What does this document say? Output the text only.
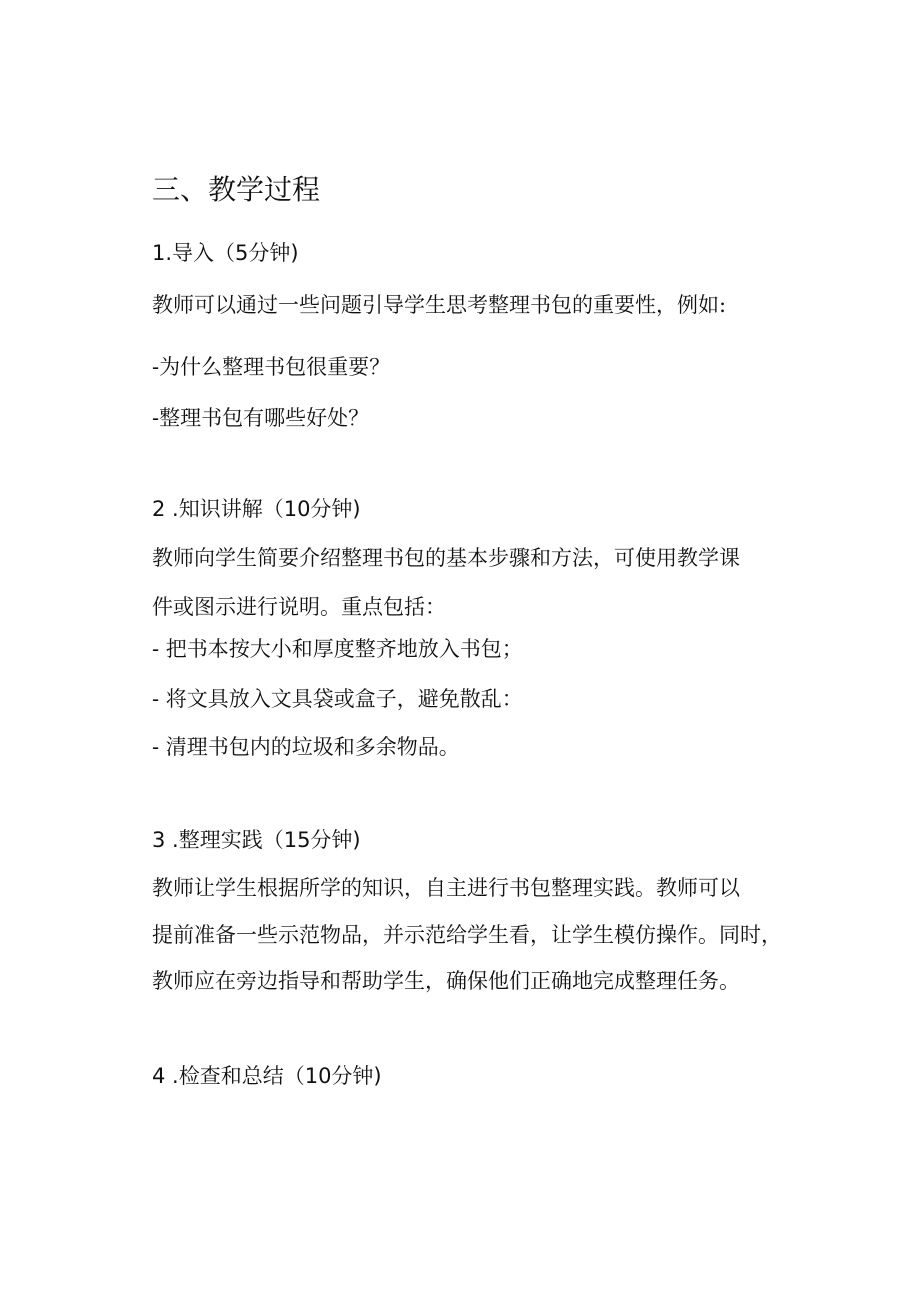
三、教学过程
1.导入（5分钟)
教师可以通过一些问题引导学生思考整理书包的重要性，例如:
-为什么整理书包很重要？
-整理书包有哪些好处？
2 .知识讲解（10分钟)
教师向学生简要介绍整理书包的基本步骤和方法，可使用教学课
件或图示进行说明。重点包括：
- 把书本按大小和厚度整齐地放入书包；
- 将文具放入文具袋或盒子，避免散乱：
- 清理书包内的垃圾和多余物品。
3 .整理实践（15分钟)
教师让学生根据所学的知识，自主进行书包整理实践。教师可以
提前准备一些示范物品，并示范给学生看，让学生模仿操作。同时，
教师应在旁边指导和帮助学生，确保他们正确地完成整理任务。
4 .检查和总结（10分钟)
